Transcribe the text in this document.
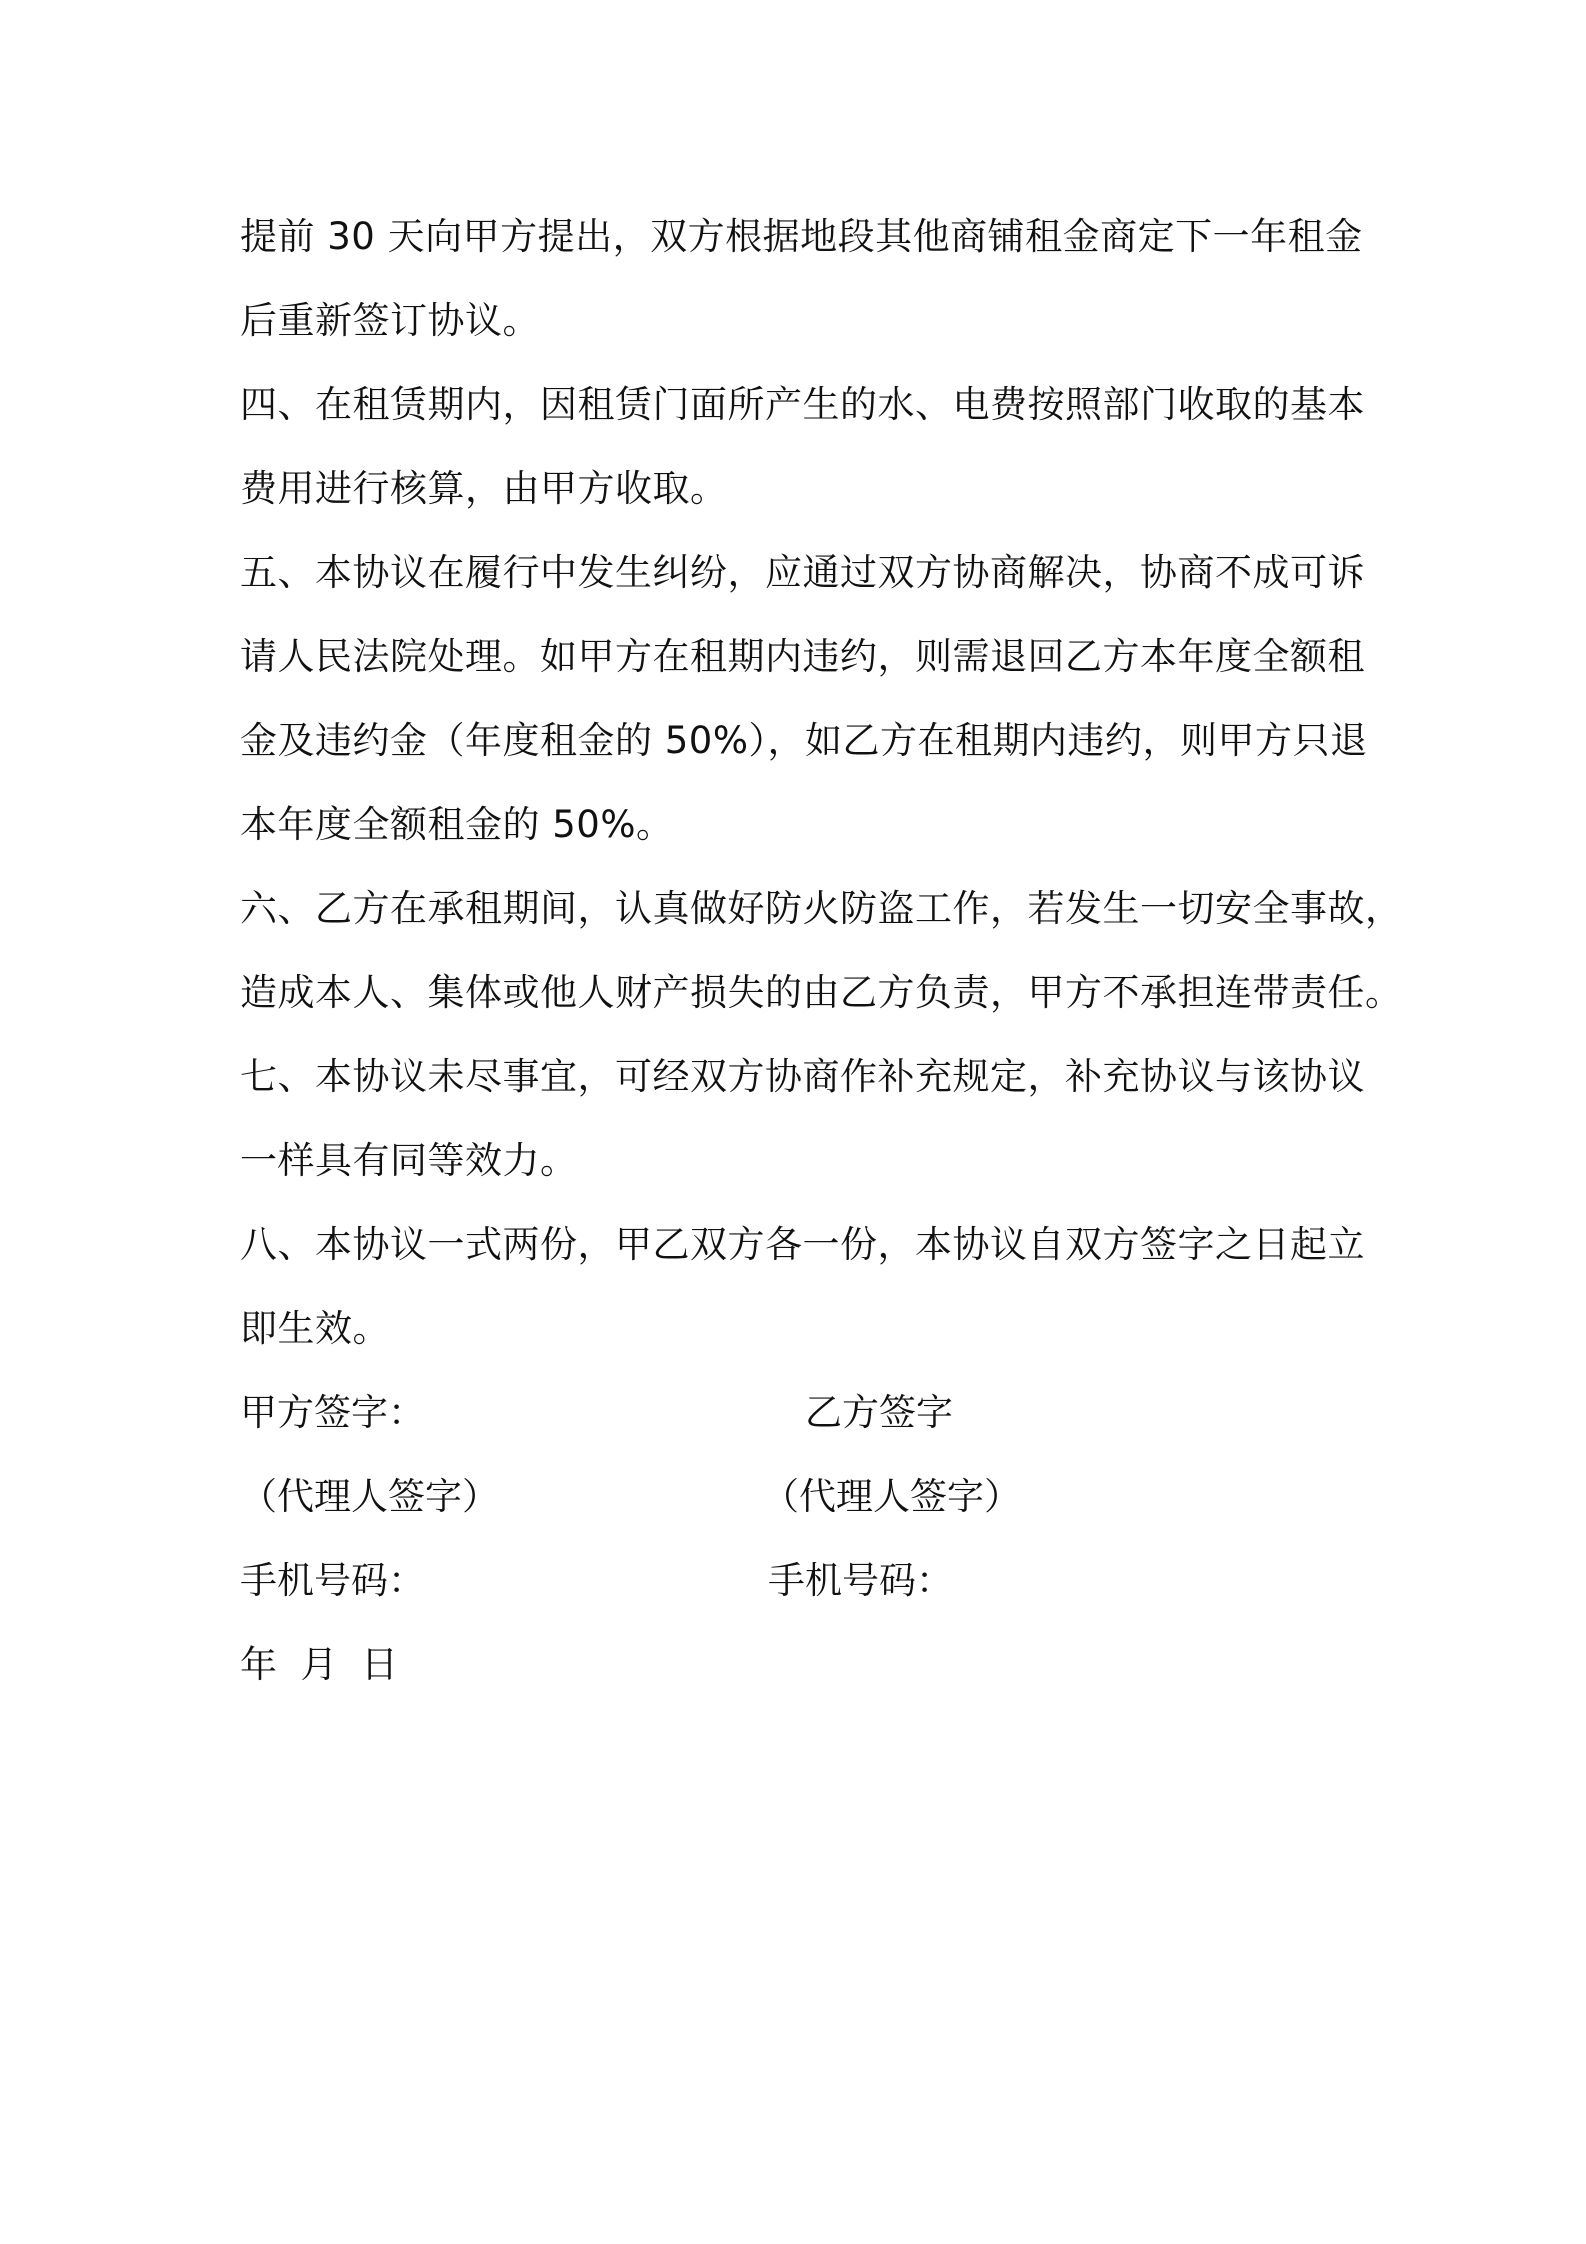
提前 30 天向甲方提出，双方根据地段其他商铺租金商定下一年租金
后重新签订协议。
四、在租赁期内，因租赁门面所产生的水、电费按照部门收取的基本
费用进行核算，由甲方收取。
五、本协议在履行中发生纠纷，应通过双方协商解决，协商不成可诉
请人民法院处理。如甲方在租期内违约，则需退回乙方本年度全额租
金及违约金（年度租金的 50%），如乙方在租期内违约，则甲方只退
本年度全额租金的 50%。
六、乙方在承租期间，认真做好防火防盗工作，若发生一切安全事故，
造成本人、集体或他人财产损失的由乙方负责，甲方不承担连带责任。
七、本协议未尽事宜，可经双方协商作补充规定，补充协议与该协议
一样具有同等效力。
八、本协议一式两份，甲乙双方各一份，本协议自双方签字之日起立
即生效。
甲方签字：	乙方签字
（代理人签字）	（代理人签字）
手机号码：	手机号码：

年  月  日
